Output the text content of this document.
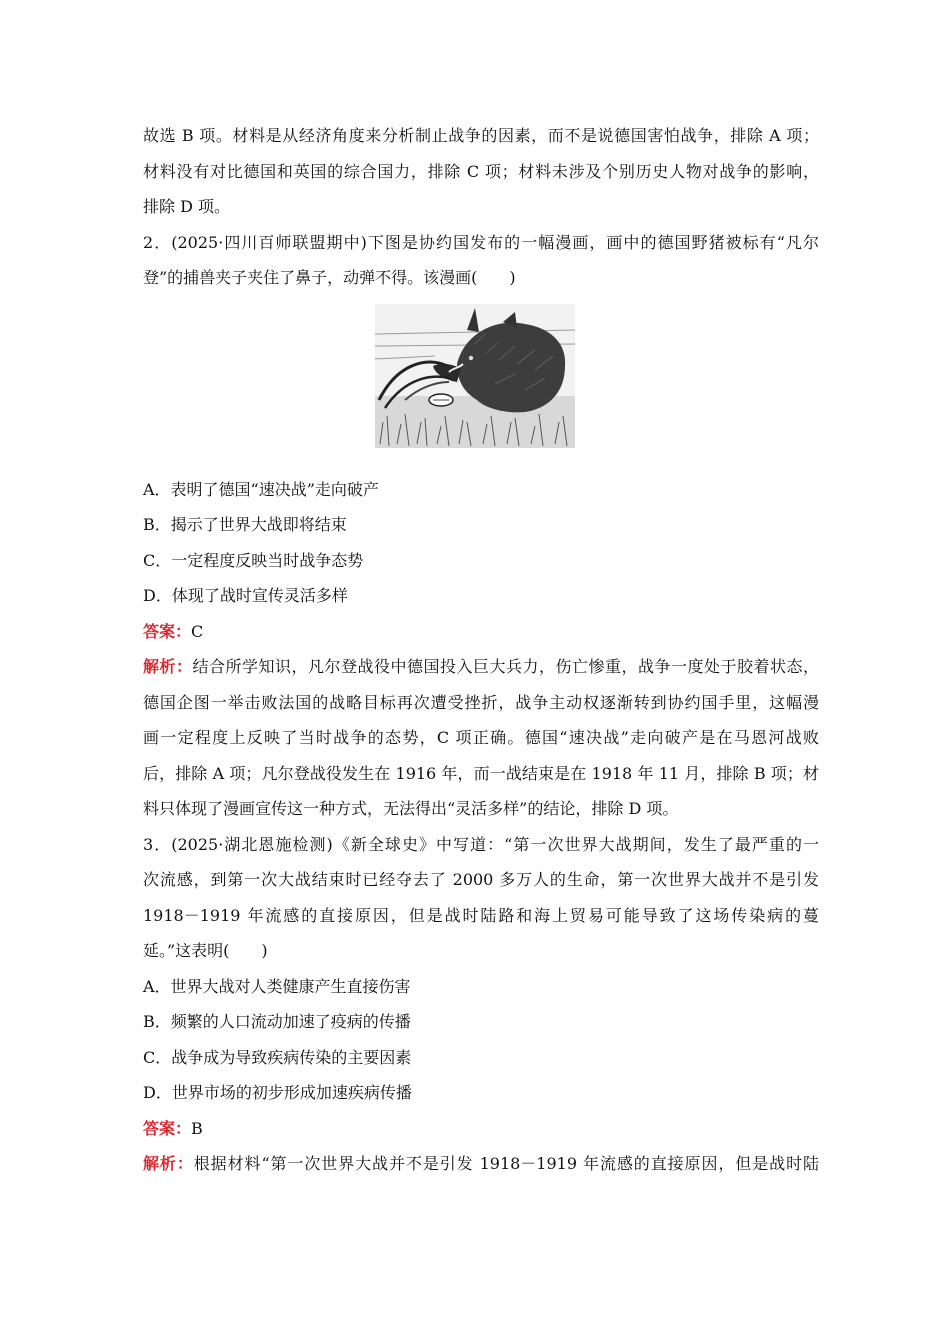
故选 B 项。材料是从经济角度来分析制止战争的因素，而不是说德国害怕战争，排除 A 项；
材料没有对比德国和英国的综合国力，排除 C 项；材料未涉及个别历史人物对战争的影响，
排除 D 项。
2．(2025·四川百师联盟期中)下图是协约国发布的一幅漫画，画中的德国野猪被标有“凡尔
登”的捕兽夹子夹住了鼻子，动弹不得。该漫画(　　)
A．表明了德国“速决战”走向破产
B．揭示了世界大战即将结束
C．一定程度反映当时战争态势
D．体现了战时宣传灵活多样
答案：C
解析：结合所学知识，凡尔登战役中德国投入巨大兵力，伤亡惨重，战争一度处于胶着状态，
德国企图一举击败法国的战略目标再次遭受挫折，战争主动权逐渐转到协约国手里，这幅漫
画一定程度上反映了当时战争的态势，C 项正确。德国“速决战”走向破产是在马恩河战败
后，排除 A 项；凡尔登战役发生在 1916 年，而一战结束是在 1918 年 11 月，排除 B 项；材
料只体现了漫画宣传这一种方式，无法得出“灵活多样”的结论，排除 D 项。
3．(2025·湖北恩施检测)《新全球史》中写道：“第一次世界大战期间，发生了最严重的一
次流感，到第一次大战结束时已经夺去了 2000 多万人的生命，第一次世界大战并不是引发
1918－1919 年流感的直接原因，但是战时陆路和海上贸易可能导致了这场传染病的蔓
延。”这表明(　　)
A．世界大战对人类健康产生直接伤害
B．频繁的人口流动加速了疫病的传播
C．战争成为导致疾病传染的主要因素
D．世界市场的初步形成加速疾病传播
答案：B
解析：根据材料“第一次世界大战并不是引发 1918－1919 年流感的直接原因，但是战时陆
